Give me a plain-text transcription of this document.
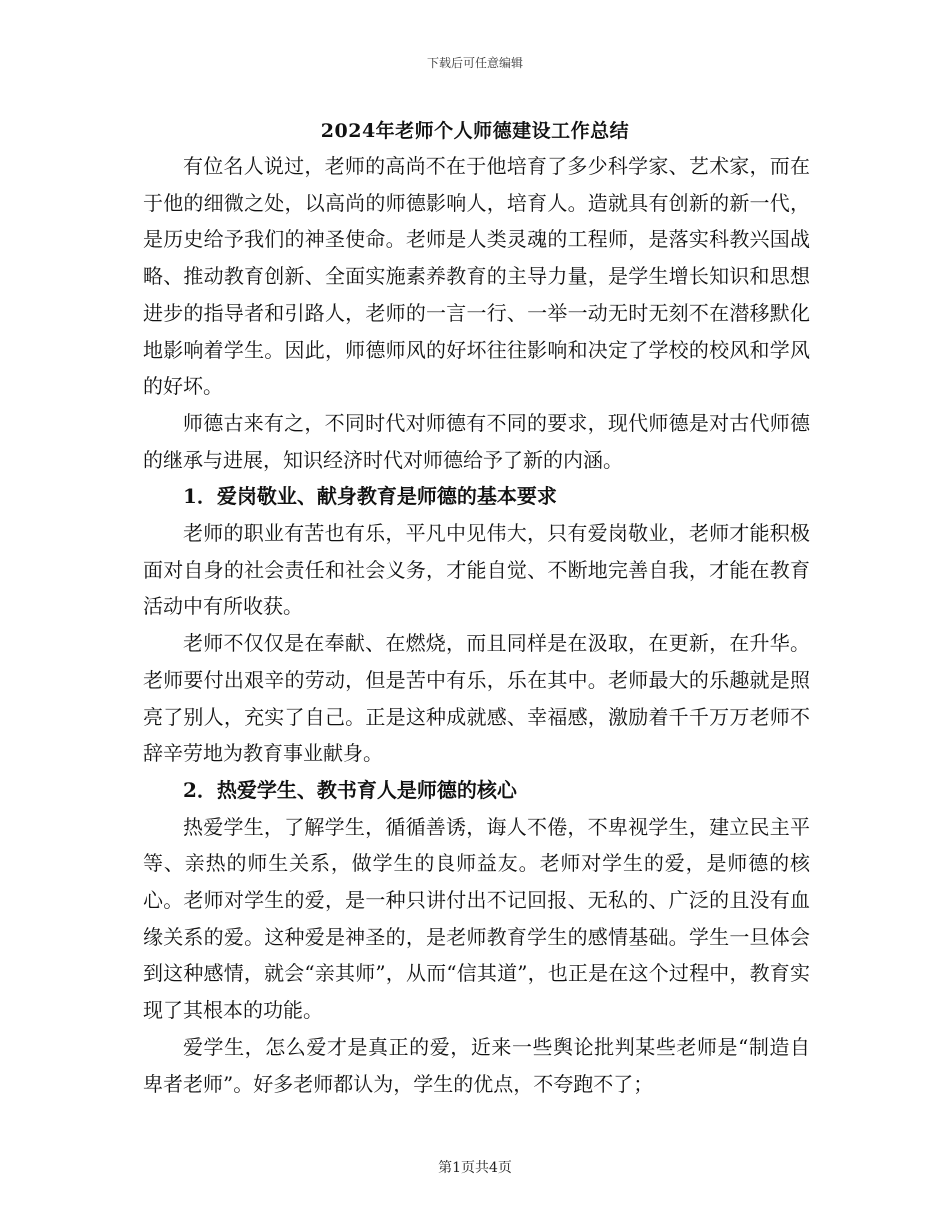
下载后可任意编辑
2024年老师个人师德建设工作总结

有位名人说过，老师的高尚不在于他培育了多少科学家、艺术家，而在于他的细微之处，以高尚的师德影响人，培育人。造就具有创新的新一代，是历史给予我们的神圣使命。老师是人类灵魂的工程师，是落实科教兴国战略、推动教育创新、全面实施素养教育的主导力量，是学生增长知识和思想进步的指导者和引路人，老师的一言一行、一举一动无时无刻不在潜移默化地影响着学生。因此，师德师风的好坏往往影响和决定了学校的校风和学风的好坏。

师德古来有之，不同时代对师德有不同的要求，现代师德是对古代师德的继承与进展，知识经济时代对师德给予了新的内涵。

1．爱岗敬业、献身教育是师德的基本要求

老师的职业有苦也有乐，平凡中见伟大，只有爱岗敬业，老师才能积极面对自身的社会责任和社会义务，才能自觉、不断地完善自我，才能在教育活动中有所收获。

老师不仅仅是在奉献、在燃烧，而且同样是在汲取，在更新，在升华。老师要付出艰辛的劳动，但是苦中有乐，乐在其中。老师最大的乐趣就是照亮了别人，充实了自己。正是这种成就感、幸福感，激励着千千万万老师不辞辛劳地为教育事业献身。

2．热爱学生、教书育人是师德的核心

热爱学生，了解学生，循循善诱，诲人不倦，不卑视学生，建立民主平等、亲热的师生关系，做学生的良师益友。老师对学生的爱，是师德的核心。老师对学生的爱，是一种只讲付出不记回报、无私的、广泛的且没有血缘关系的爱。这种爱是神圣的，是老师教育学生的感情基础。学生一旦体会到这种感情，就会“亲其师”，从而“信其道”，也正是在这个过程中，教育实现了其根本的功能。

爱学生，怎么爱才是真正的爱，近来一些舆论批判某些老师是“制造自卑者老师”。好多老师都认为，学生的优点，不夸跑不了；

第1页共4页
